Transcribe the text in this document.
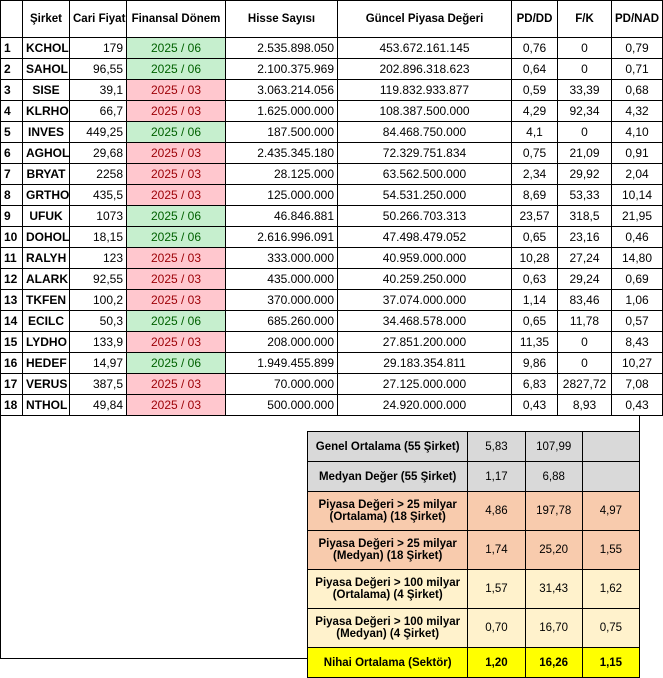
	Şirket	Cari Fiyat	Finansal Dönem	Hisse Sayısı	Güncel Piyasa Değeri	PD/DD	F/K	PD/NAD
1	KCHOL	179	2025 / 06	2.535.898.050	453.672.161.145	0,76	0	0,79
2	SAHOL	96,55	2025 / 06	2.100.375.969	202.896.318.623	0,64	0	0,71
3	SISE	39,1	2025 / 03	3.063.214.056	119.832.933.877	0,59	33,39	0,68
4	KLRHO	66,7	2025 / 03	1.625.000.000	108.387.500.000	4,29	92,34	4,32
5	INVES	449,25	2025 / 06	187.500.000	84.468.750.000	4,1	0	4,10
6	AGHOL	29,68	2025 / 03	2.435.345.180	72.329.751.834	0,75	21,09	0,91
7	BRYAT	2258	2025 / 03	28.125.000	63.562.500.000	2,34	29,92	2,04
8	GRTHO	435,5	2025 / 03	125.000.000	54.531.250.000	8,69	53,33	10,14
9	UFUK	1073	2025 / 06	46.846.881	50.266.703.313	23,57	318,5	21,95
10	DOHOL	18,15	2025 / 06	2.616.996.091	47.498.479.052	0,65	23,16	0,46
11	RALYH	123	2025 / 03	333.000.000	40.959.000.000	10,28	27,24	14,80
12	ALARK	92,55	2025 / 03	435.000.000	40.259.250.000	0,63	29,24	0,69
13	TKFEN	100,2	2025 / 03	370.000.000	37.074.000.000	1,14	83,46	1,06
14	ECILC	50,3	2025 / 06	685.260.000	34.468.578.000	0,65	11,78	0,57
15	LYDHO	133,9	2025 / 03	208.000.000	27.851.200.000	11,35	0	8,43
16	HEDEF	14,97	2025 / 06	1.949.455.899	29.183.354.811	9,86	0	10,27
17	VERUS	387,5	2025 / 03	70.000.000	27.125.000.000	6,83	2827,72	7,08
18	NTHOL	49,84	2025 / 03	500.000.000	24.920.000.000	0,43	8,93	0,43
Genel Ortalama (55 Şirket)	5,83	107,99	
Medyan Değer (55 Şirket)	1,17	6,88	
Piyasa Değeri > 25 milyar (Ortalama) (18 Şirket)	4,86	197,78	4,97
Piyasa Değeri > 25 milyar (Medyan) (18 Şirket)	1,74	25,20	1,55
Piyasa Değeri > 100 milyar (Ortalama) (4 Şirket)	1,57	31,43	1,62
Piyasa Değeri > 100 milyar (Medyan) (4 Şirket)	0,70	16,70	0,75
Nihai Ortalama (Sektör)	1,20	16,26	1,15
